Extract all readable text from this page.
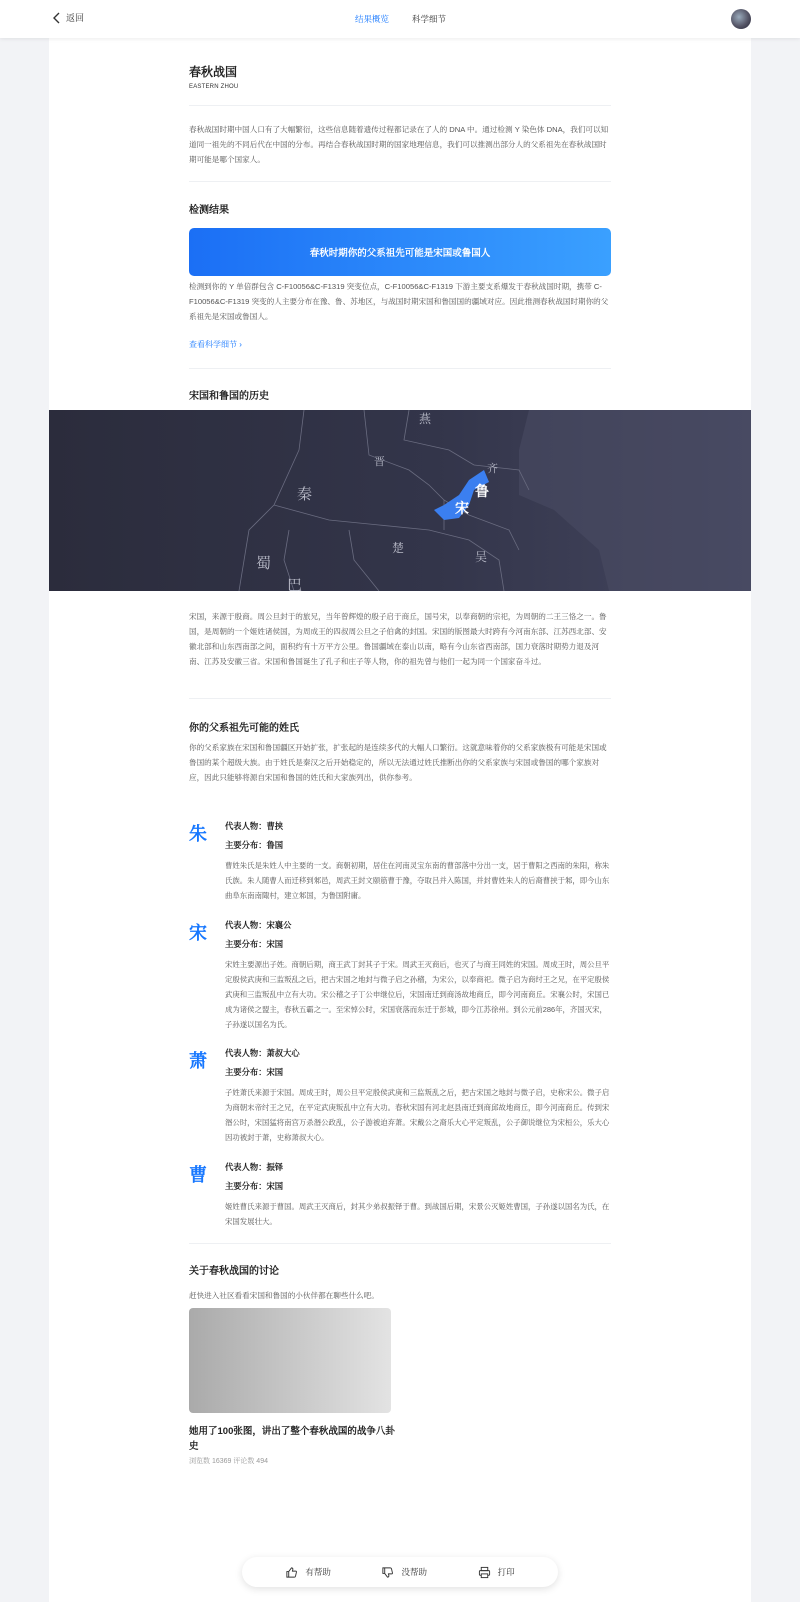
返回	结果概览	科学细节
春秋战国
EASTERN ZHOU

春秋战国时期中国人口有了大幅繁衍，这些信息随着遗传过程都记录在了人的 DNA 中。通过检测 Y 染色体 DNA，我们可以知道同一祖先的不同后代在中国的分布。再结合春秋战国时期的国家地理信息，我们可以推测出部分人的父系祖先在春秋战国时期可能是哪个国家人。

检测结果
春秋时期你的父系祖先可能是宋国或鲁国人

检测到你的 Y 单倍群包含 C-F10056&C-F1319 突变位点，C-F10056&C-F1319 下游主要支系爆发于春秋战国时期，携带 C-F10056&C-F1319 突变的人主要分布在豫、鲁、苏地区，与战国时期宋国和鲁国国的疆域对应。因此推测春秋战国时期你的父系祖先是宋国或鲁国人。

查看科学细节 ›
宋国和鲁国的历史
燕
晋
齐
秦	鲁
宋
楚
吴
蜀
巴

宋国，来源于殷商。周公旦封于的旅兄，当年曾辉煌的殷子启于商丘，国号宋，以奉商朝的宗祀，为周朝的二王三恪之一。鲁国，是周朝的一个姬姓诸侯国，为周成王的四叔周公旦之子伯禽的封国。宋国的版图最大时跨有今河南东部、江苏西北部、安徽北部和山东西南部之间，面积约有十万平方公里。鲁国疆域在泰山以南，略有今山东省西南部，国力衰落时期势力退及河南、江苏及安徽三省。宋国和鲁国诞生了孔子和庄子等人物，你的祖先曾与他们一起为同一个国家奋斗过。

你的父系祖先可能的姓氏

你的父系家族在宋国和鲁国疆区开始扩张，扩张起的是连续多代的大幅人口繁衍。这就意味着你的父系家族极有可能是宋国或鲁国的某个超级大族。由于姓氏是秦汉之后开始稳定的，所以无法通过姓氏推断出你的父系家族与宋国或鲁国的哪个家族对应，因此只能够将源自宋国和鲁国的姓氏和大家族列出，供你参考。

朱 代表人物：曹挟
主要分布：鲁国

曹姓朱氏是朱姓人中主要的一支。商朝初期，居住在河南灵宝东南的曹部落中分出一支，居于曹阳之西南的朱阳，称朱氏族。朱人随曹人而迁移到邾邑，周武王封文颐筋曹于豫，夺取吕并入陈国，并封曹姓朱人的后裔曹挟于邾，即今山东曲阜东南南陬村，建立邾国，为鲁国附庸。

宋 代表人物：宋襄公
主要分布：宋国

宋姓主要源出子姓。商朝后期，商王武丁封其子于宋。周武王灭商后，也灭了与商王同姓的宋国。周成王时，周公旦平定殷侯武庚和三监叛乱之后，把古宋国之地封与微子启之孙稽，为宋公，以奉商祀。微子启为商纣王之兄，在平定殷侯武庚和三监叛乱中立有大功。宋公稽之子丁公申继位后，宋国南迁到商汤故地商丘，即今河南商丘。宋襄公时，宋国已成为诸侯之盟主，春秋五霸之一。至宋悼公时，宋国衰落而东迁于彭城，即今江苏徐州。到公元前286年，齐国灭宋，子孙遂以国名为氏。

萧 代表人物：萧叔大心
主要分布：宋国

子姓萧氏来源于宋国。周成王时，周公旦平定殷侯武庚和三监叛乱之后，把古宋国之地封与微子启，史称宋公。微子启为商朝末帝纣王之兄，在平定武庚叛乱中立有大功。春秋宋国有河北赵县南迁到商邱故地商丘，即今河南商丘。传到宋湣公时，宋国猛将南宫万杀湣公政乱，公子游被迫弃萧。宋戴公之裔乐大心平定叛乱，公子御说继位为宋桓公，乐大心因功被封于萧，史称萧叔大心。

曹 代表人物：振铎
主要分布：宋国

姬姓曹氏来源于曹国。周武王灭商后，封其少弟叔振铎于曹。到战国后期，宋景公灭姬姓曹国，子孙遂以国名为氏，在宋国发展壮大。

关于春秋战国的讨论

赶快进入社区看看宋国和鲁国的小伙伴都在聊些什么吧。

她用了100张图，讲出了整个春秋战国的战争八卦史
浏览数 16369 评论数 494
有帮助	没帮助	打印
